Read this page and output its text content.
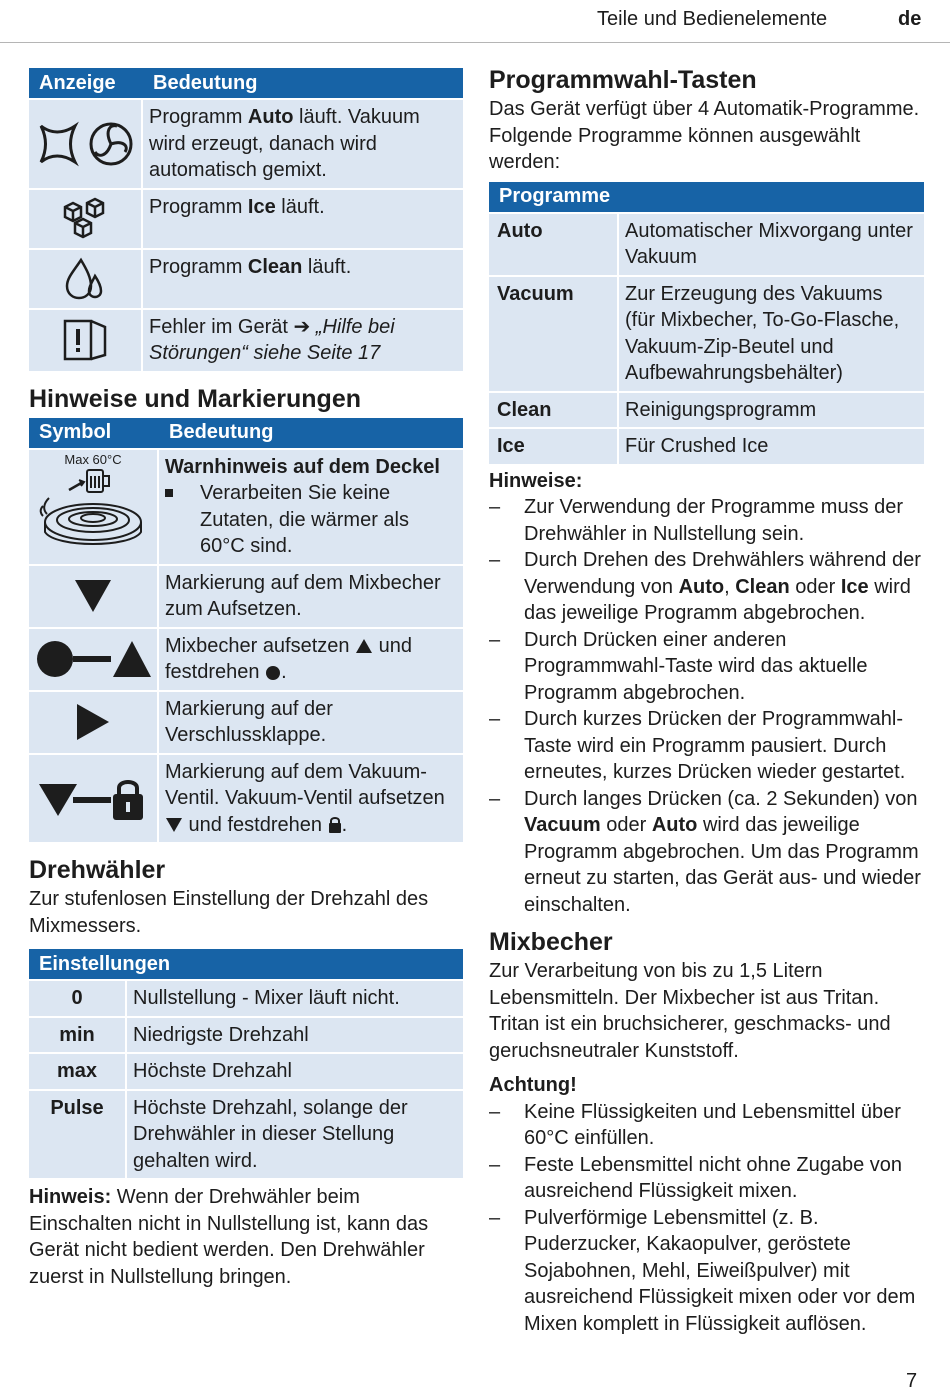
Teile und Bedienelemente	de
Anzeige	Bedeutung
	Programm Auto läuft. Vakuum wird erzeugt, danach wird automatisch gemixt.
	Programm Ice läuft.
	Programm Clean läuft.
	Fehler im Gerät ➔ „Hilfe bei Störungen“ siehe Seite 17
Hinweise und Markierungen
Symbol	Bedeutung

Max 60°C	Warnhinweis auf dem Deckel
Verarbeiten Sie keine Zutaten, die wärmer als 60°C sind.

	Markierung auf dem Mixbecher zum Aufsetzen.
	Mixbecher aufsetzen  und festdrehen .
	Markierung auf der Verschlussklappe.
	Markierung auf dem Vakuum-Ventil. Vakuum-Ventil aufsetzen  und festdrehen .
Drehwähler

Zur stufenlosen Einstellung der Drehzahl des Mixmessers.

Einstellungen	
0	Nullstellung - Mixer läuft nicht.
min	Niedrigste Drehzahl
max	Höchste Drehzahl
Pulse	Höchste Drehzahl, solange der Drehwähler in dieser Stellung gehalten wird.

Hinweis: Wenn der Drehwähler beim Einschalten nicht in Nullstellung ist, kann das Gerät nicht bedient werden. Den Drehwähler zuerst in Nullstellung bringen.

Programmwahl-Tasten

Das Gerät verfügt über 4 Automatik-Programme. Folgende Programme können ausgewählt werden:

Programme	
Auto	Automatischer Mixvorgang unter Vakuum
Vacuum	Zur Erzeugung des Vakuums (für Mixbecher, To-Go-Flasche, Vakuum-Zip-Beutel und Aufbewahrungsbehälter)
Clean	Reinigungsprogramm
Ice	Für Crushed Ice

Hinweise:

– Zur Verwendung der Programme muss der Drehwähler in Nullstellung sein.
– Durch Drehen des Drehwählers während der Verwendung von Auto, Clean oder Ice wird das jeweilige Programm abgebrochen.
– Durch Drücken einer anderen Programmwahl-Taste wird das aktuelle Programm abgebrochen.
– Durch kurzes Drücken der Programmwahl-Taste wird ein Programm pausiert. Durch erneutes, kurzes Drücken wieder gestartet.
– Durch langes Drücken (ca. 2 Sekunden) von Vacuum oder Auto wird das jeweilige Programm abgebrochen. Um das Programm erneut zu starten, das Gerät aus- und wieder einschalten.
Mixbecher

Zur Verarbeitung von bis zu 1,5 Litern Lebensmitteln. Der Mixbecher ist aus Tritan. Tritan ist ein bruchsicherer, geschmacks- und geruchsneutraler Kunststoff.

Achtung!

– Keine Flüssigkeiten und Lebensmittel über 60°C einfüllen.
– Feste Lebensmittel nicht ohne Zugabe von ausreichend Flüssigkeit mixen.
– Pulverförmige Lebensmittel (z. B. Puderzucker, Kakaopulver, geröstete Sojabohnen, Mehl, Eiweißpulver) mit ausreichend Flüssigkeit mixen oder vor dem Mixen komplett in Flüssigkeit auflösen.
7
